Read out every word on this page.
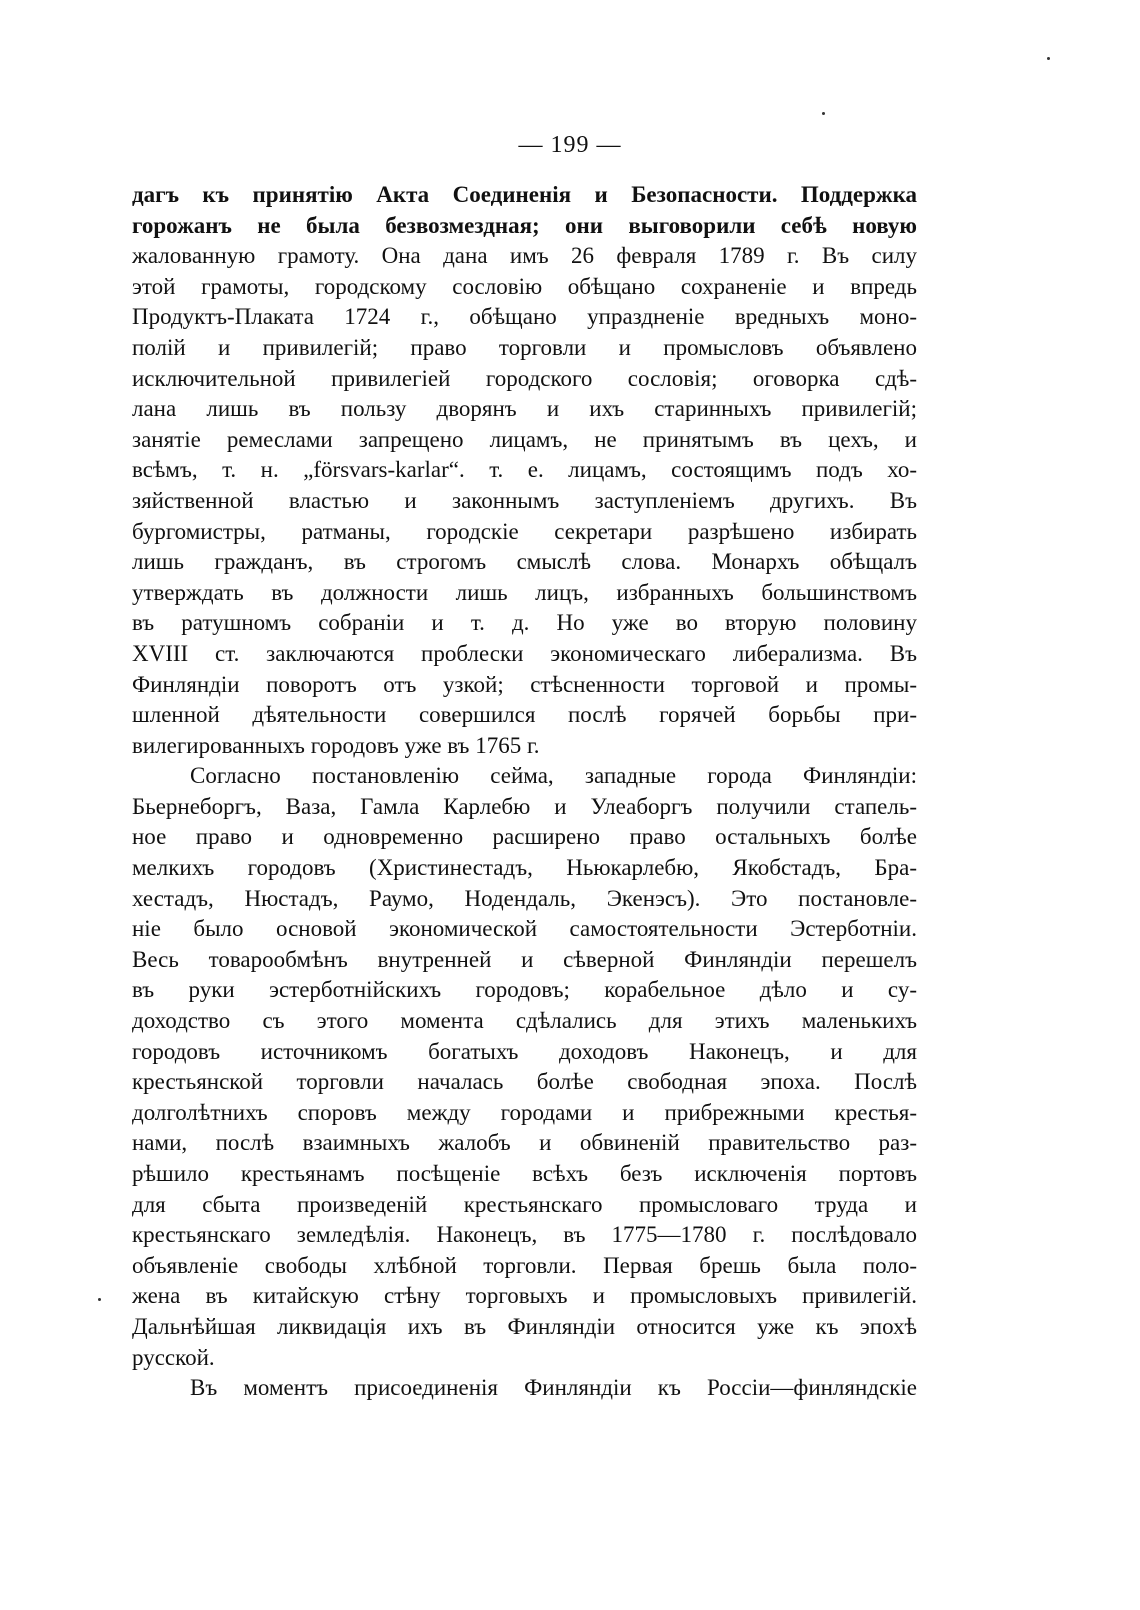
— 199 —
дагъ къ принятію Акта Соединенія и Безопасности. Поддержка
горожанъ не была безвозмездная; они выговорили себѣ новую
жалованную грамоту. Она дана имъ 26 февраля 1789 г. Въ силу
этой грамоты, городскому сословію обѣщано сохраненіе и впредь
Продуктъ-Плаката 1724 г., обѣщано упраздненіе вредныхъ моно-
полій и привилегій; право торговли и промысловъ объявлено
исключительной привилегіей городского сословія; оговорка сдѣ-
лана лишь въ пользу дворянъ и ихъ старинныхъ привилегій;
занятіе ремеслами запрещено лицамъ, не принятымъ въ цехъ, и
всѣмъ, т. н. „försvars-karlar“. т. е. лицамъ, состоящимъ подъ хо-
зяйственной властью и законнымъ заступленіемъ другихъ. Въ
бургомистры, ратманы, городскіе секретари разрѣшено избирать
лишь гражданъ, въ строгомъ смыслѣ слова. Монархъ обѣщалъ
утверждать въ должности лишь лицъ, избранныхъ большинствомъ
въ ратушномъ собраніи и т. д. Но уже во вторую половину
XVIII ст. заключаются проблески экономическаго либерализма. Въ
Финляндіи поворотъ отъ узкой; стѣсненности торговой и промы-
шленной дѣятельности совершился послѣ горячей борьбы при-
вилегированныхъ городовъ уже въ 1765 г.
Согласно постановленію сейма, западные города Финляндіи:
Бьернеборгъ, Ваза, Гамла Карлебю и Улеаборгъ получили стапель-
ное право и одновременно расширено право остальныхъ болѣе
мелкихъ городовъ (Христинестадъ, Ньюкарлебю, Якобстадъ, Бра-
хестадъ, Нюстадъ, Раумо, Нодендаль, Экенэсъ). Это постановле-
ніе было основой экономической самостоятельности Эстерботніи.
Весь товарообмѣнъ внутренней и сѣверной Финляндіи перешелъ
въ руки эстерботнійскихъ городовъ; корабельное дѣло и су-
доходство съ этого момента сдѣлались для этихъ маленькихъ
городовъ источникомъ богатыхъ доходовъ Наконецъ, и для
крестьянской торговли началась болѣе свободная эпоха. Послѣ
долголѣтнихъ споровъ между городами и прибрежными крестья-
нами, послѣ взаимныхъ жалобъ и обвиненій правительство раз-
рѣшило крестьянамъ посѣщеніе всѣхъ безъ исключенія портовъ
для сбыта произведеній крестьянскаго промысловаго труда и
крестьянскаго земледѣлія. Наконецъ, въ 1775—1780 г. послѣдовало
объявленіе свободы хлѣбной торговли. Первая брешь была поло-
жена въ китайскую стѣну торговыхъ и промысловыхъ привилегій.
Дальнѣйшая ликвидація ихъ въ Финляндіи относится уже къ эпохѣ
русской.
Въ моментъ присоединенія Финляндіи къ Россіи—финляндскіе
